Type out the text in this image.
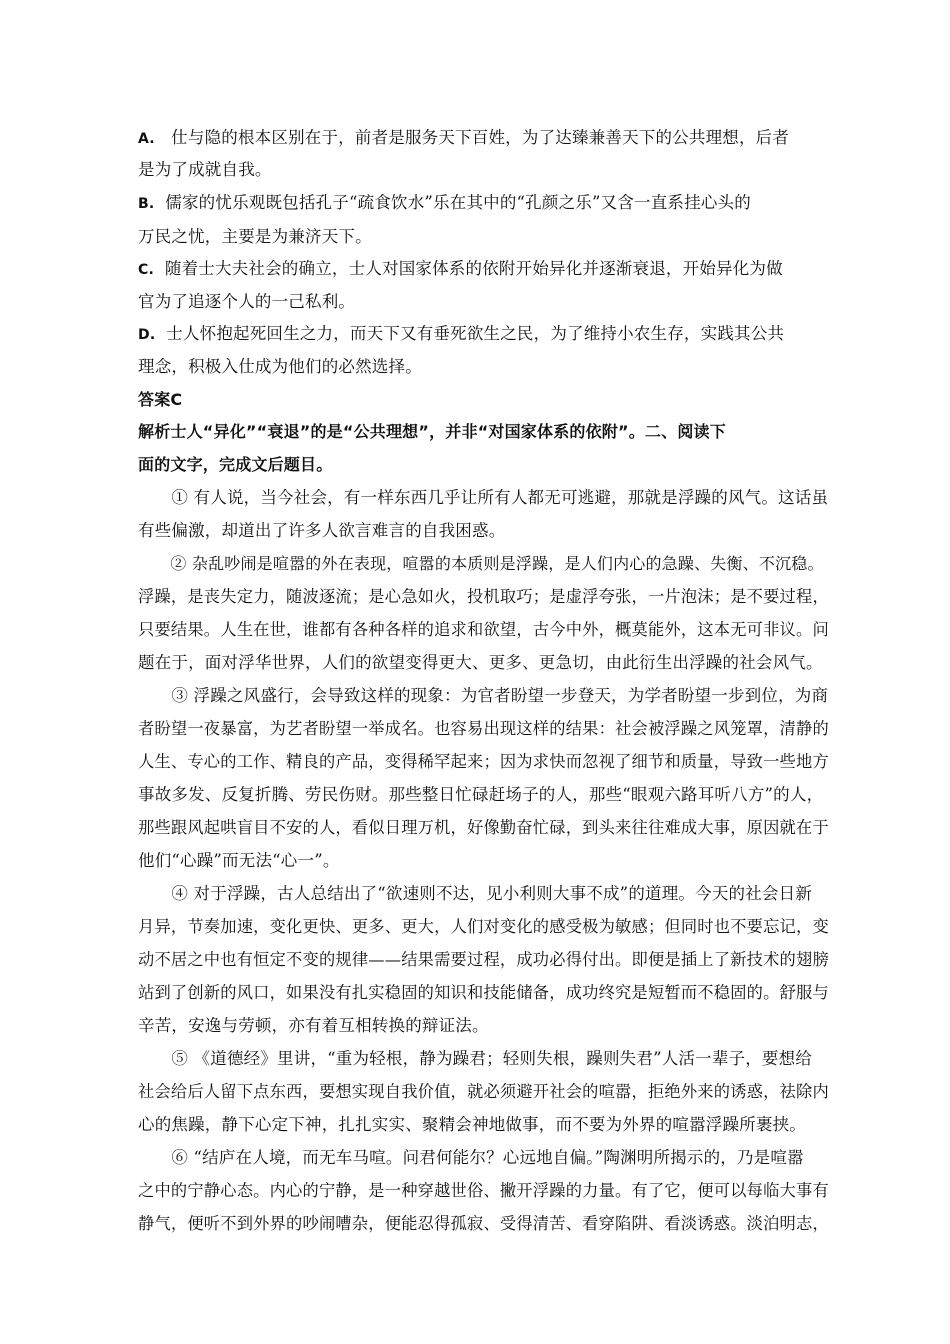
A. 仕与隐的根本区别在于，前者是服务天下百姓，为了达臻兼善天下的公共理想，后者
是为了成就自我。
B. 儒家的忧乐观既包括孔子“疏食饮水”乐在其中的“孔颜之乐”又含一直系挂心头的
万民之忧，主要是为兼济天下。
C. 随着士大夫社会的确立，士人对国家体系的依附开始异化并逐渐衰退，开始异化为做
官为了追逐个人的一己私利。
D. 士人怀抱起死回生之力，而天下又有垂死欲生之民，为了维持小农生存，实践其公共
理念，积极入仕成为他们的必然选择。
答案C
解析士人“异化”“衰退”的是“公共理想”，并非“对国家体系的依附”。二、阅读下
面的文字，完成文后题目。
　　① 有人说，当今社会，有一样东西几乎让所有人都无可逃避，那就是浮躁的风气。这话虽
有些偏激，却道出了许多人欲言难言的自我困惑。
　　② 杂乱吵闹是喧嚣的外在表现，喧嚣的本质则是浮躁，是人们内心的急躁、失衡、不沉稳。
浮躁，是丧失定力，随波逐流；是心急如火，投机取巧；是虚浮夸张，一片泡沫；是不要过程，
只要结果。人生在世，谁都有各种各样的追求和欲望，古今中外，概莫能外，这本无可非议。问
题在于，面对浮华世界，人们的欲望变得更大、更多、更急切，由此衍生出浮躁的社会风气。
　　③ 浮躁之风盛行，会导致这样的现象：为官者盼望一步登天，为学者盼望一步到位，为商
者盼望一夜暴富，为艺者盼望一举成名。也容易出现这样的结果：社会被浮躁之风笼罩，清静的
人生、专心的工作、精良的产品，变得稀罕起来；因为求快而忽视了细节和质量，导致一些地方
事故多发、反复折腾、劳民伤财。那些整日忙碌赶场子的人，那些“眼观六路耳听八方”的人，
那些跟风起哄盲目不安的人，看似日理万机，好像勤奋忙碌，到头来往往难成大事，原因就在于
他们“心躁”而无法“心一”。
　　④ 对于浮躁，古人总结出了“欲速则不达，见小利则大事不成”的道理。今天的社会日新
月异，节奏加速，变化更快、更多、更大，人们对变化的感受极为敏感；但同时也不要忘记，变
动不居之中也有恒定不变的规律——结果需要过程，成功必得付出。即便是插上了新技术的翅膀
站到了创新的风口，如果没有扎实稳固的知识和技能储备，成功终究是短暂而不稳固的。舒服与
辛苦，安逸与劳顿，亦有着互相转换的辩证法。
　　⑤ 《道德经》里讲，“重为轻根，静为躁君；轻则失根，躁则失君”人活一辈子，要想给
社会给后人留下点东西，要想实现自我价值，就必须避开社会的喧嚣，拒绝外来的诱惑，祛除内
心的焦躁，静下心定下神，扎扎实实、聚精会神地做事，而不要为外界的喧嚣浮躁所裹挟。
　　⑥ “结庐在人境，而无车马喧。问君何能尔？心远地自偏。”陶渊明所揭示的，乃是喧嚣
之中的宁静心态。内心的宁静，是一种穿越世俗、撇开浮躁的力量。有了它，便可以每临大事有
静气，便听不到外界的吵闹嘈杂，便能忍得孤寂、受得清苦、看穿陷阱、看淡诱惑。淡泊明志，
